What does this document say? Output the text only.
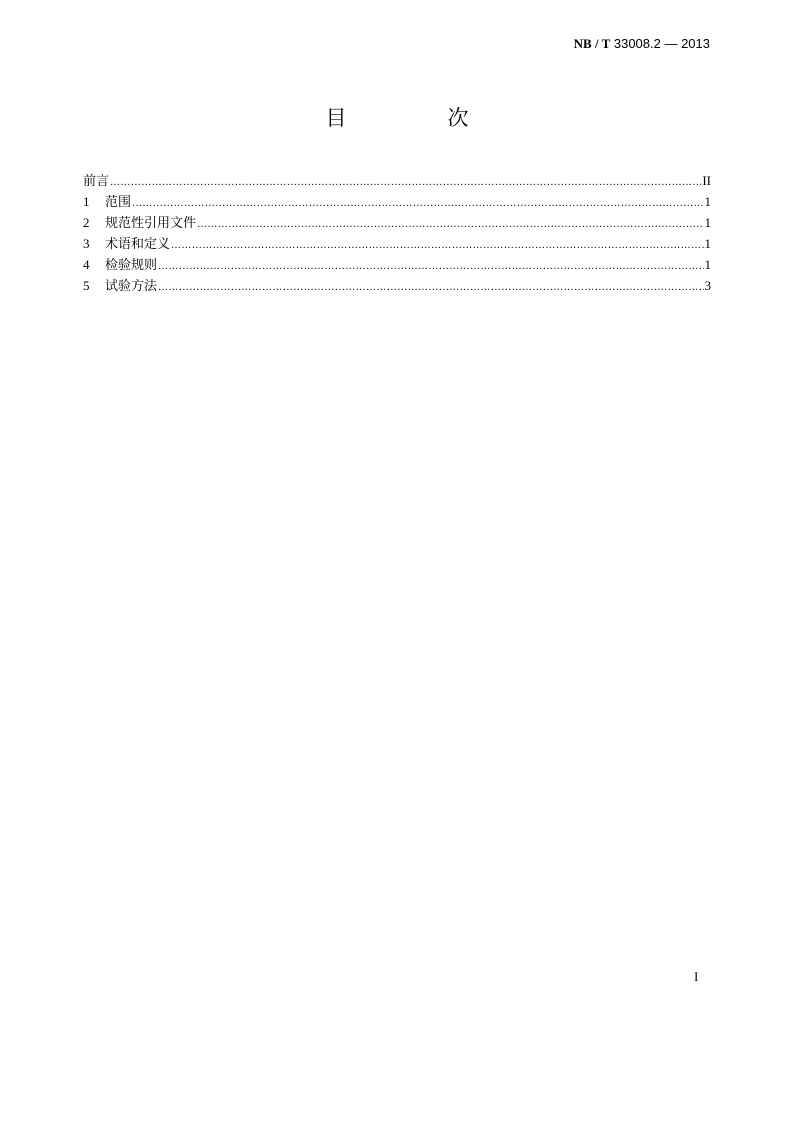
NB / T 33008.2 — 2013
目　次
前言 ……………………………………………………………………………………………………………………………………………………………………………………………………………………………………………………………………………………………………………………………………	II
1	范围 ……………………………………………………………………………………………………………………………………………………………………………………………………………………………………………………………………………………………………………………………………	1
2	规范性引用文件 ……………………………………………………………………………………………………………………………………………………………………………………………………………………………………………………………………………………………………………………………………	1
3	术语和定义 ……………………………………………………………………………………………………………………………………………………………………………………………………………………………………………………………………………………………………………………………………	1
4	检验规则 ……………………………………………………………………………………………………………………………………………………………………………………………………………………………………………………………………………………………………………………………………	1
5	试验方法 ……………………………………………………………………………………………………………………………………………………………………………………………………………………………………………………………………………………………………………………………………	3
I
